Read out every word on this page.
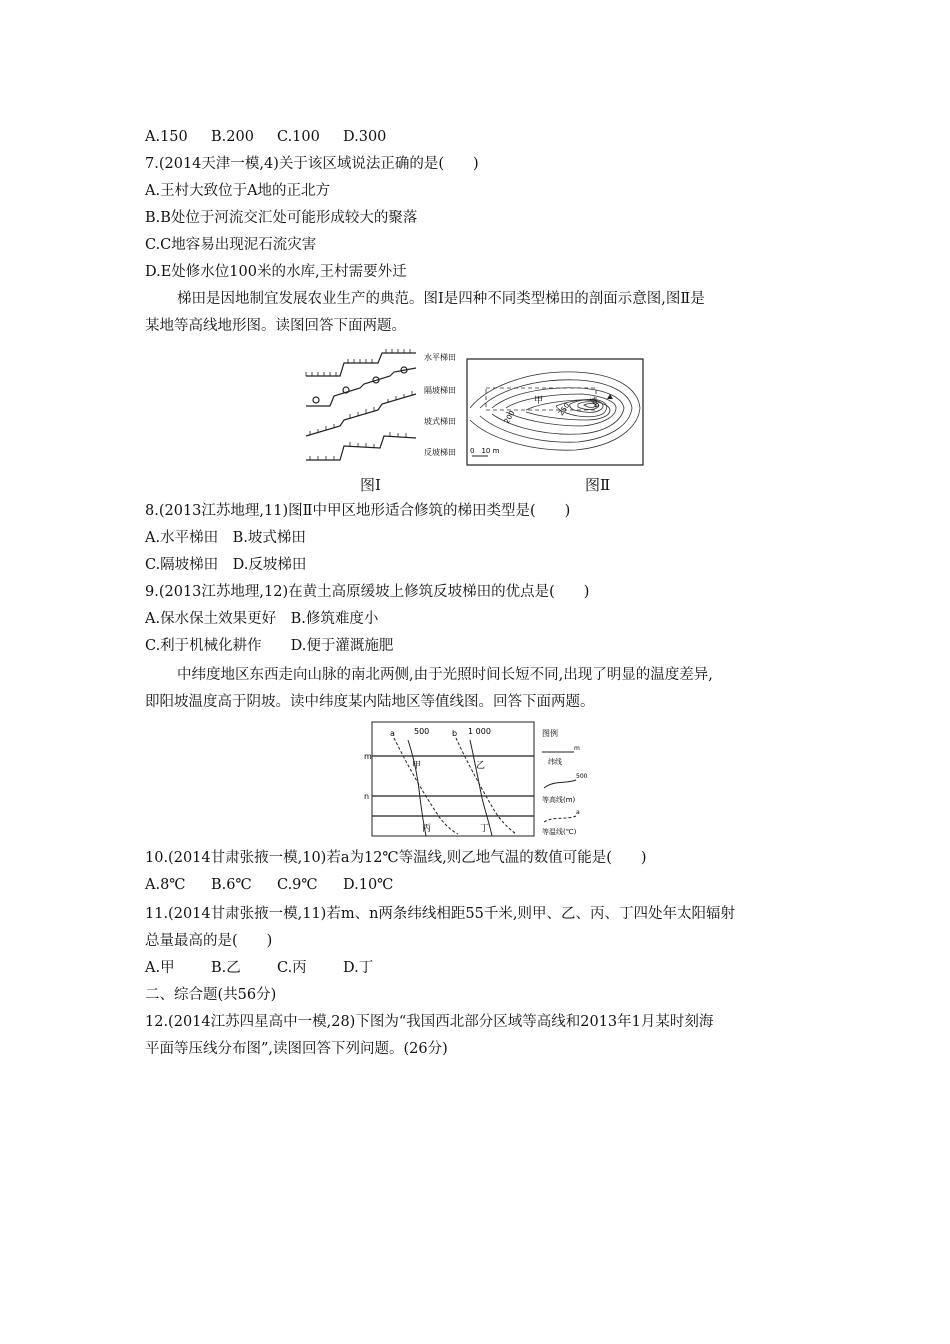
A.150 B.200 C.100 D.300
7.(2014天津一模,4)关于该区域说法正确的是(　　)
A.王村大致位于A地的正北方
B.B处位于河流交汇处可能形成较大的聚落
C.C地容易出现泥石流灾害
D.E处修水位100米的水库,王村需要外迁
梯田是因地制宜发展农业生产的典范。图Ⅰ是四种不同类型梯田的剖面示意图,图Ⅱ是
某地等高线地形图。读图回答下面两题。
水平梯田
隔坡梯田
坡式梯田
反坡梯田
甲
200
250	300
0　10 m
图Ⅰ	图Ⅱ
8.(2013江苏地理,11)图Ⅱ中甲区地形适合修筑的梯田类型是(　　)
A.水平梯田　B.坡式梯田
C.隔坡梯田　D.反坡梯田
9.(2013江苏地理,12)在黄土高原缓坡上修筑反坡梯田的优点是(　　)
A.保水保土效果更好　B.修筑难度小
C.利于机械化耕作　　D.便于灌溉施肥
中纬度地区东西走向山脉的南北两侧,由于光照时间长短不同,出现了明显的温度差异,
即阳坡温度高于阴坡。读中纬度某内陆地区等值线图。回答下面两题。
m
n
a 500	b 1 000
甲	乙
丙	丁
图例
m
纬线
500
等高线(m)
a
等温线(℃)
10.(2014甘肃张掖一模,10)若a为12℃等温线,则乙地气温的数值可能是(　　)
A.8℃ B.6℃ C.9℃ D.10℃
11.(2014甘肃张掖一模,11)若m、n两条纬线相距55千米,则甲、乙、丙、丁四处年太阳辐射
总量最高的是(　　)
A.甲	B.乙 C.丙	D.丁
二、综合题(共56分)
12.(2014江苏四星高中一模,28)下图为“我国西北部分区域等高线和2013年1月某时刻海
平面等压线分布图”,读图回答下列问题。(26分)
